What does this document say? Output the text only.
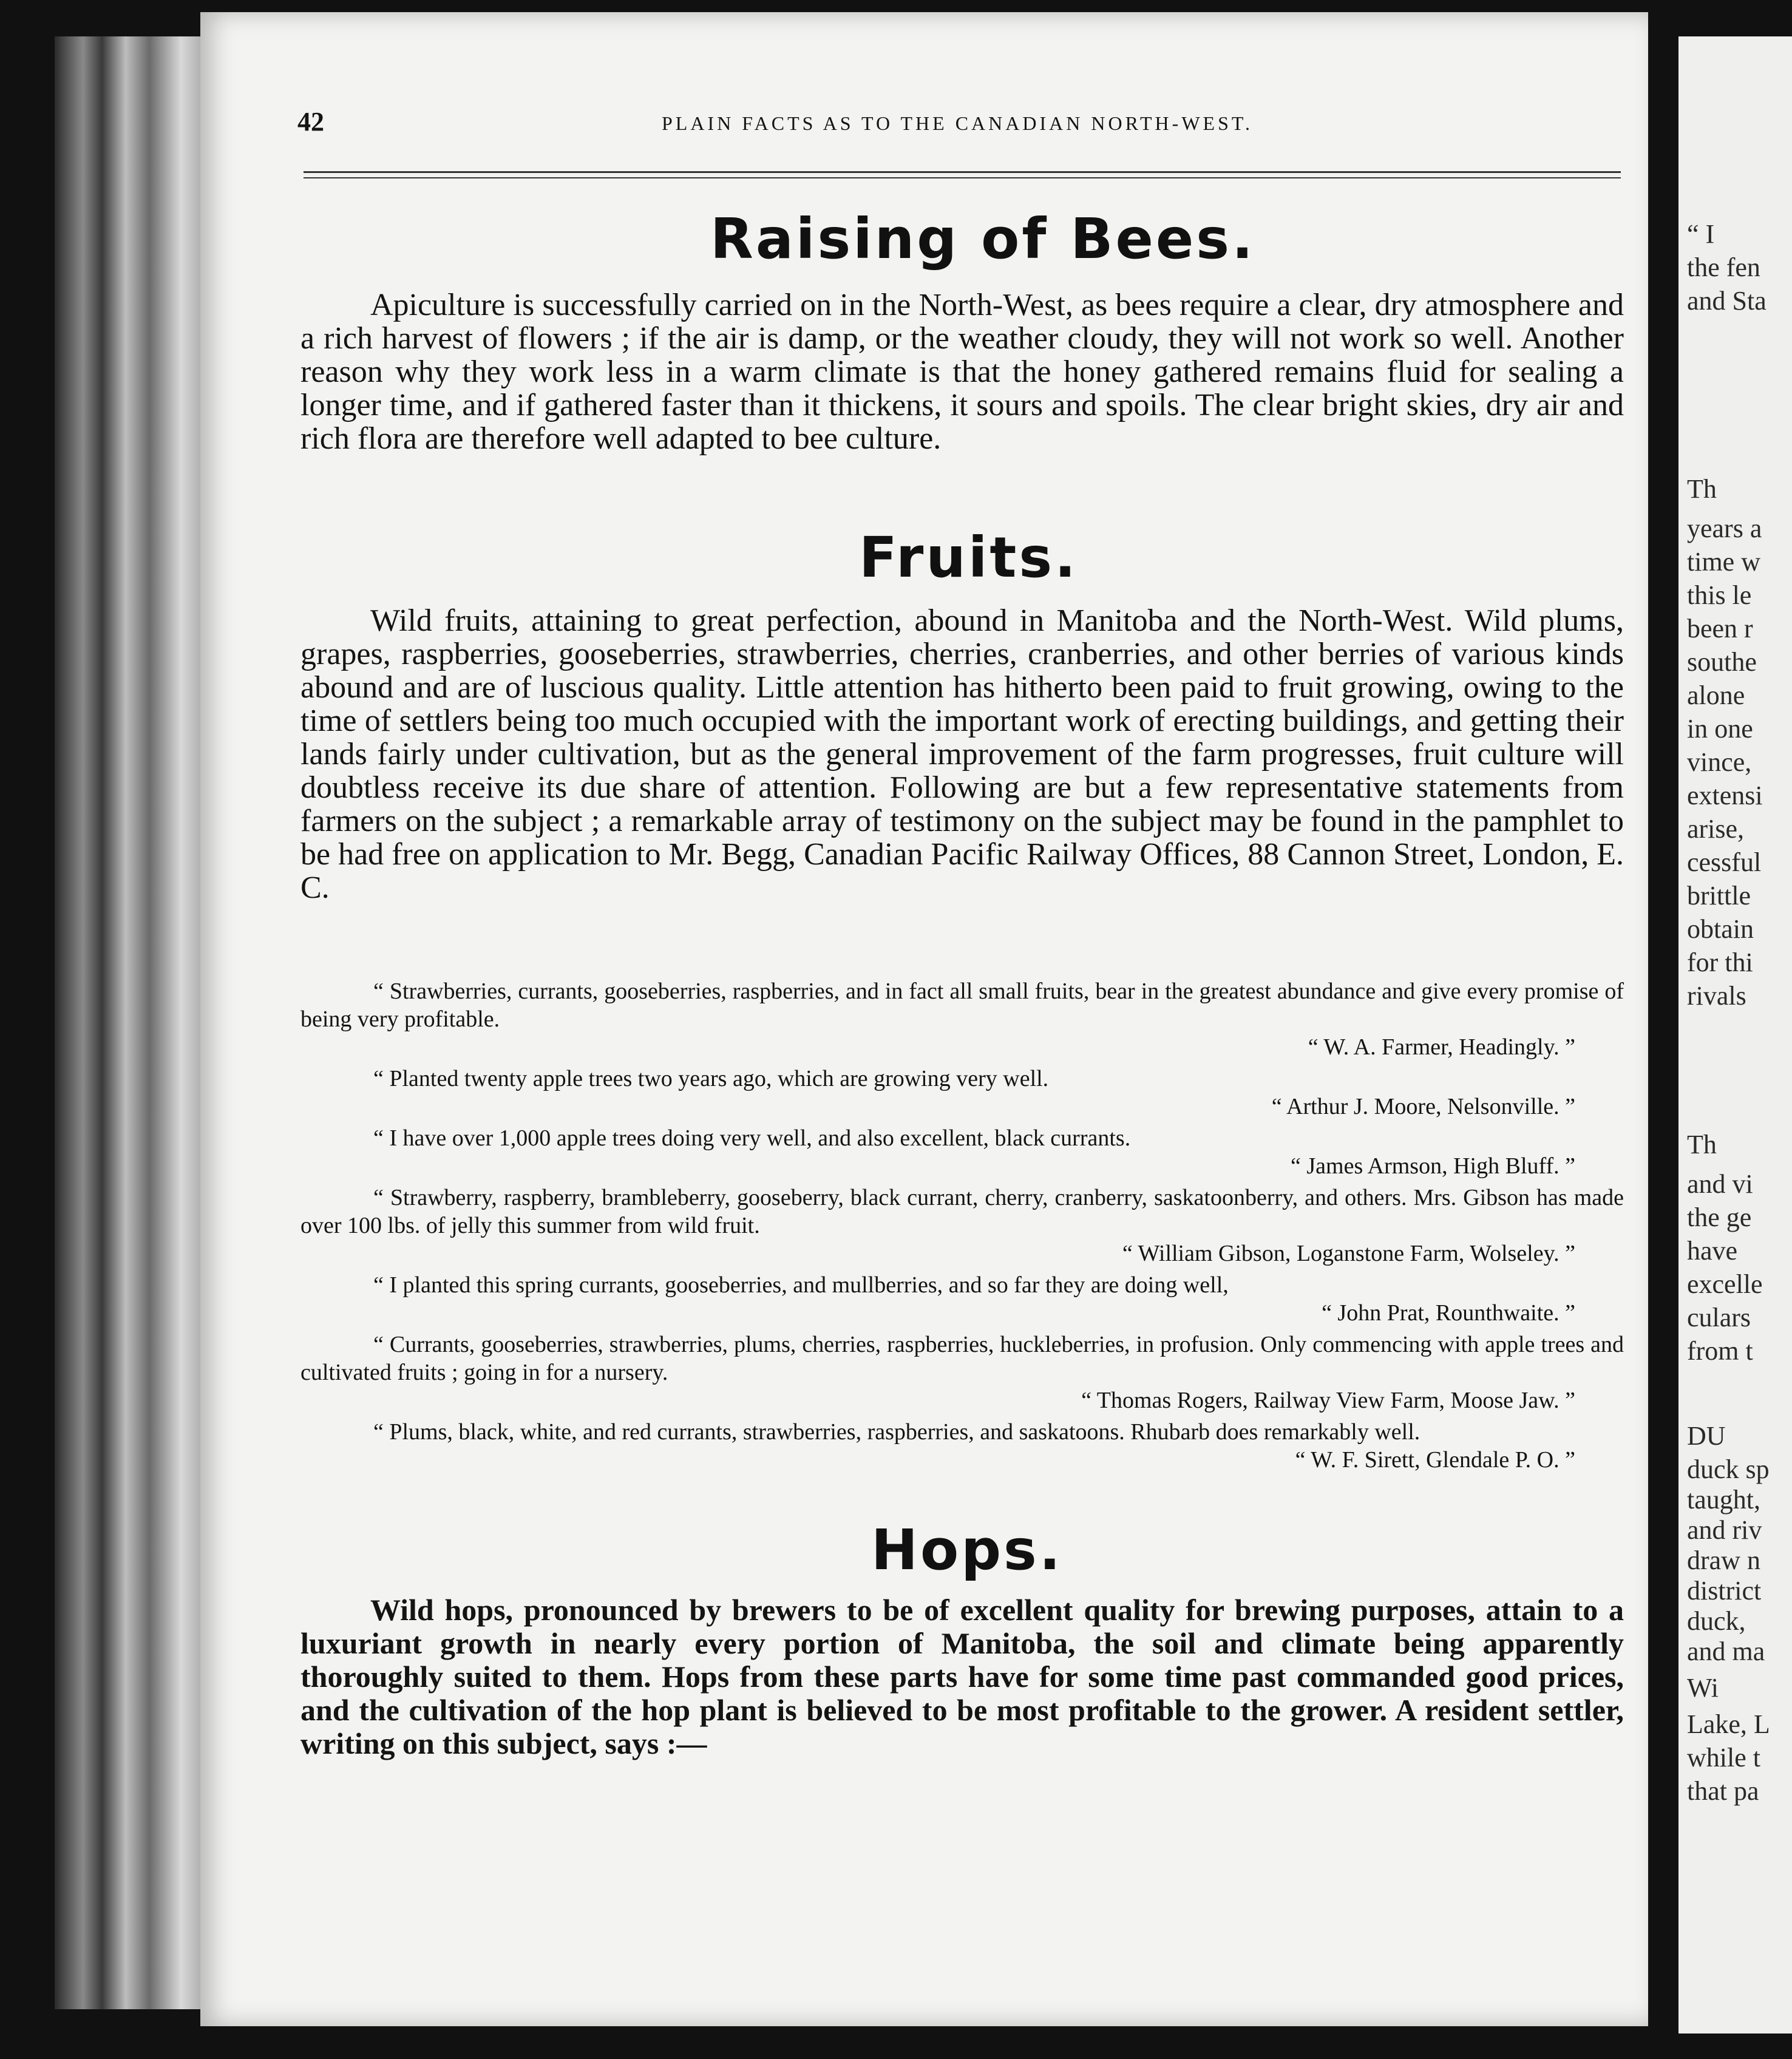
42	PLAIN FACTS AS TO THE CANADIAN NORTH-WEST.
Raising of Bees.
Apiculture is successfully carried on in the North-West, as bees require a clear, dry atmosphere and a rich harvest of flowers ; if the air is damp, or the weather cloudy, they will not work so well. Another reason why they work less in a warm climate is that the honey gathered remains fluid for sealing a longer time, and if gathered faster than it thickens, it sours and spoils. The clear bright skies, dry air and rich flora are therefore well adapted to bee culture.
Fruits.
Wild fruits, attaining to great perfection, abound in Manitoba and the North-West. Wild plums, grapes, raspberries, gooseberries, strawberries, cherries, cranberries, and other berries of various kinds abound and are of luscious quality. Little attention has hitherto been paid to fruit growing, owing to the time of settlers being too much occupied with the important work of erecting buildings, and getting their lands fairly under cultivation, but as the general improvement of the farm progresses, fruit culture will doubtless receive its due share of attention. Following are but a few representative statements from farmers on the subject ; a remarkable array of testimony on the subject may be found in the pamphlet to be had free on application to Mr. Begg, Canadian Pacific Railway Offices, 88 Cannon Street, London, E. C.

“ Strawberries, currants, gooseberries, raspberries, and in fact all small fruits, bear in the greatest abundance and give every promise of being very profitable.

“ W. A. Farmer, Headingly. ”

“ Planted twenty apple trees two years ago, which are growing very well.

“ Arthur J. Moore, Nelsonville. ”

“ I have over 1,000 apple trees doing very well, and also excellent, black currants.

“ James Armson, High Bluff. ”

“ Strawberry, raspberry, brambleberry, gooseberry, black currant, cherry, cranberry, saskatoonberry, and others. Mrs. Gibson has made over 100 lbs. of jelly this summer from wild fruit.

“ William Gibson, Loganstone Farm, Wolseley. ”

“ I planted this spring currants, gooseberries, and mullberries, and so far they are doing well,

“ John Prat, Rounthwaite. ”

“ Currants, gooseberries, strawberries, plums, cherries, raspberries, huckleberries, in profusion. Only commencing with apple trees and cultivated fruits ; going in for a nursery.

“ Thomas Rogers, Railway View Farm, Moose Jaw. ”

“ Plums, black, white, and red currants, strawberries, raspberries, and saskatoons. Rhubarb does remarkably well.

“ W. F. Sirett, Glendale P. O. ”

Hops.
Wild hops, pronounced by brewers to be of excellent quality for brewing purposes, attain to a luxuriant growth in nearly every portion of Manitoba, the soil and climate being apparently thoroughly suited to them. Hops from these parts have for some time past commanded good prices, and the cultivation of the hop plant is believed to be most profitable to the grower. A resident settler, writing on this subject, says :—
“ I
the fen
and Sta
Th
years a
time w
this le
been r
southe
alone
in one
vince,
extensi
arise,
cessful
brittle
obtain
for thi
rivals
Th
and vi
the ge
have
excelle
culars
from t
DU
duck sp
taught,
and riv
draw n
district
duck,
and ma
Wi
Lake, L
while t
that pa
